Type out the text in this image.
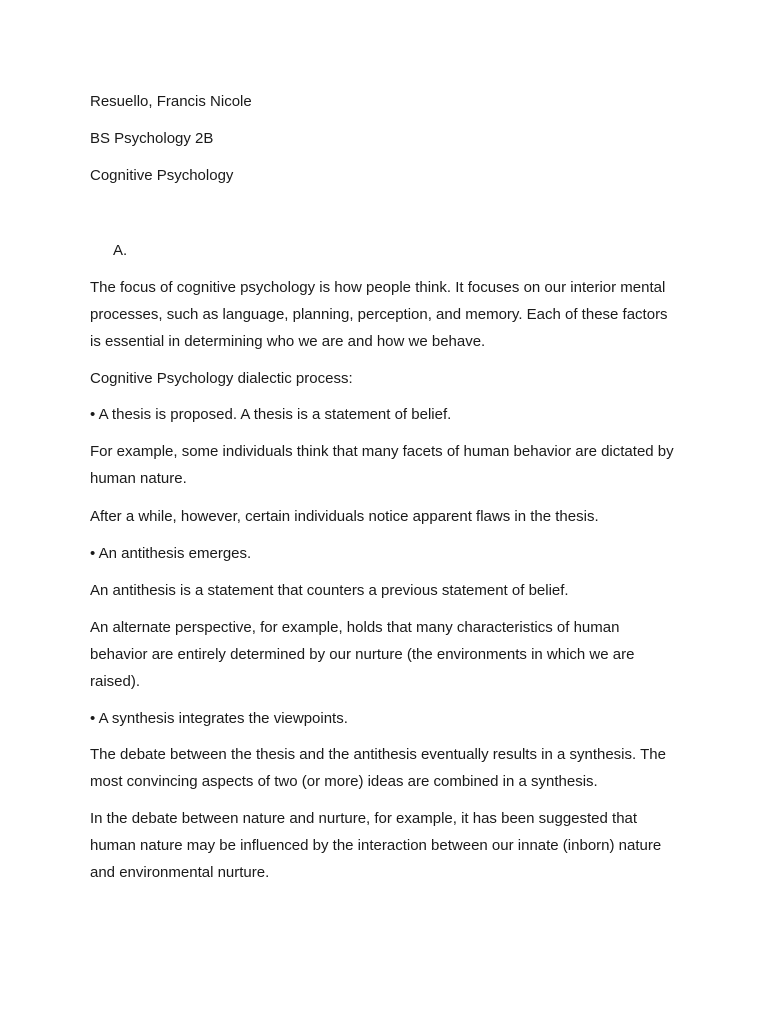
Resuello, Francis Nicole
BS Psychology 2B
Cognitive Psychology
A.
The focus of cognitive psychology is how people think. It focuses on our interior mental
processes, such as language, planning, perception, and memory. Each of these factors
is essential in determining who we are and how we behave.
Cognitive Psychology dialectic process:
• A thesis is proposed. A thesis is a statement of belief.
For example, some individuals think that many facets of human behavior are dictated by
human nature.
After a while, however, certain individuals notice apparent flaws in the thesis.
• An antithesis emerges.
An antithesis is a statement that counters a previous statement of belief.
An alternate perspective, for example, holds that many characteristics of human
behavior are entirely determined by our nurture (the environments in which we are
raised).
• A synthesis integrates the viewpoints.
The debate between the thesis and the antithesis eventually results in a synthesis. The
most convincing aspects of two (or more) ideas are combined in a synthesis.
In the debate between nature and nurture, for example, it has been suggested that
human nature may be influenced by the interaction between our innate (inborn) nature
and environmental nurture.
